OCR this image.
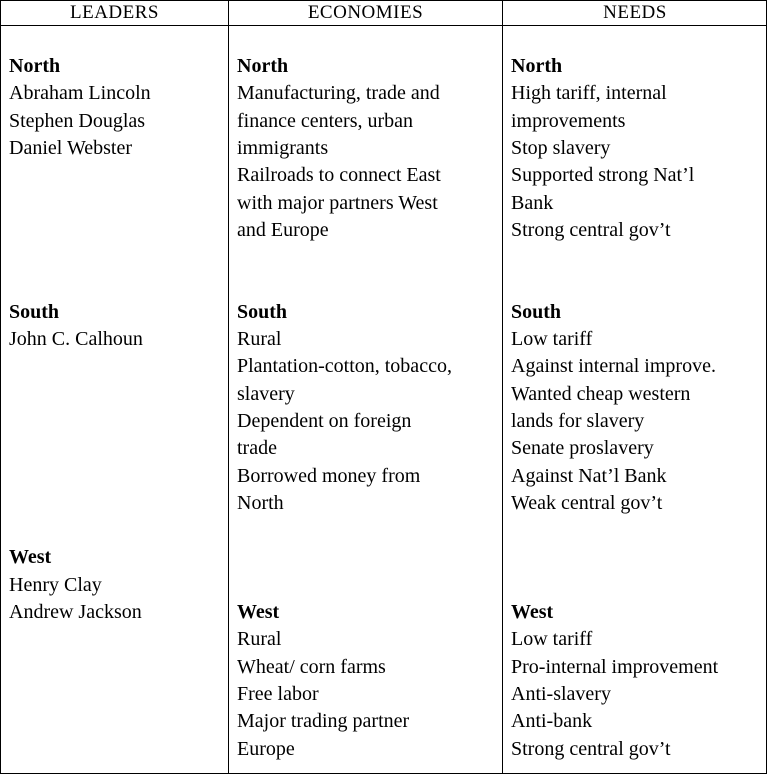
LEADERS	ECONOMIES	NEEDS
North
Abraham Lincoln
Stephen Douglas
Daniel Webster
South
John C. Calhoun
West
Henry Clay
Andrew Jackson
North
Manufacturing, trade and
finance centers, urban
immigrants
Railroads to connect East
with major partners West
and Europe
South
Rural
Plantation-cotton, tobacco,
slavery
Dependent on foreign
trade
Borrowed money from
North
West
Rural
Wheat/ corn farms
Free labor
Major trading partner
Europe
North
High tariff, internal
improvements
Stop slavery
Supported strong Nat’l
Bank
Strong central gov’t
South
Low tariff
Against internal improve.
Wanted cheap western
lands for slavery
Senate proslavery
Against Nat’l Bank
Weak central gov’t
West
Low tariff
Pro-internal improvement
Anti-slavery
Anti-bank
Strong central gov’t
